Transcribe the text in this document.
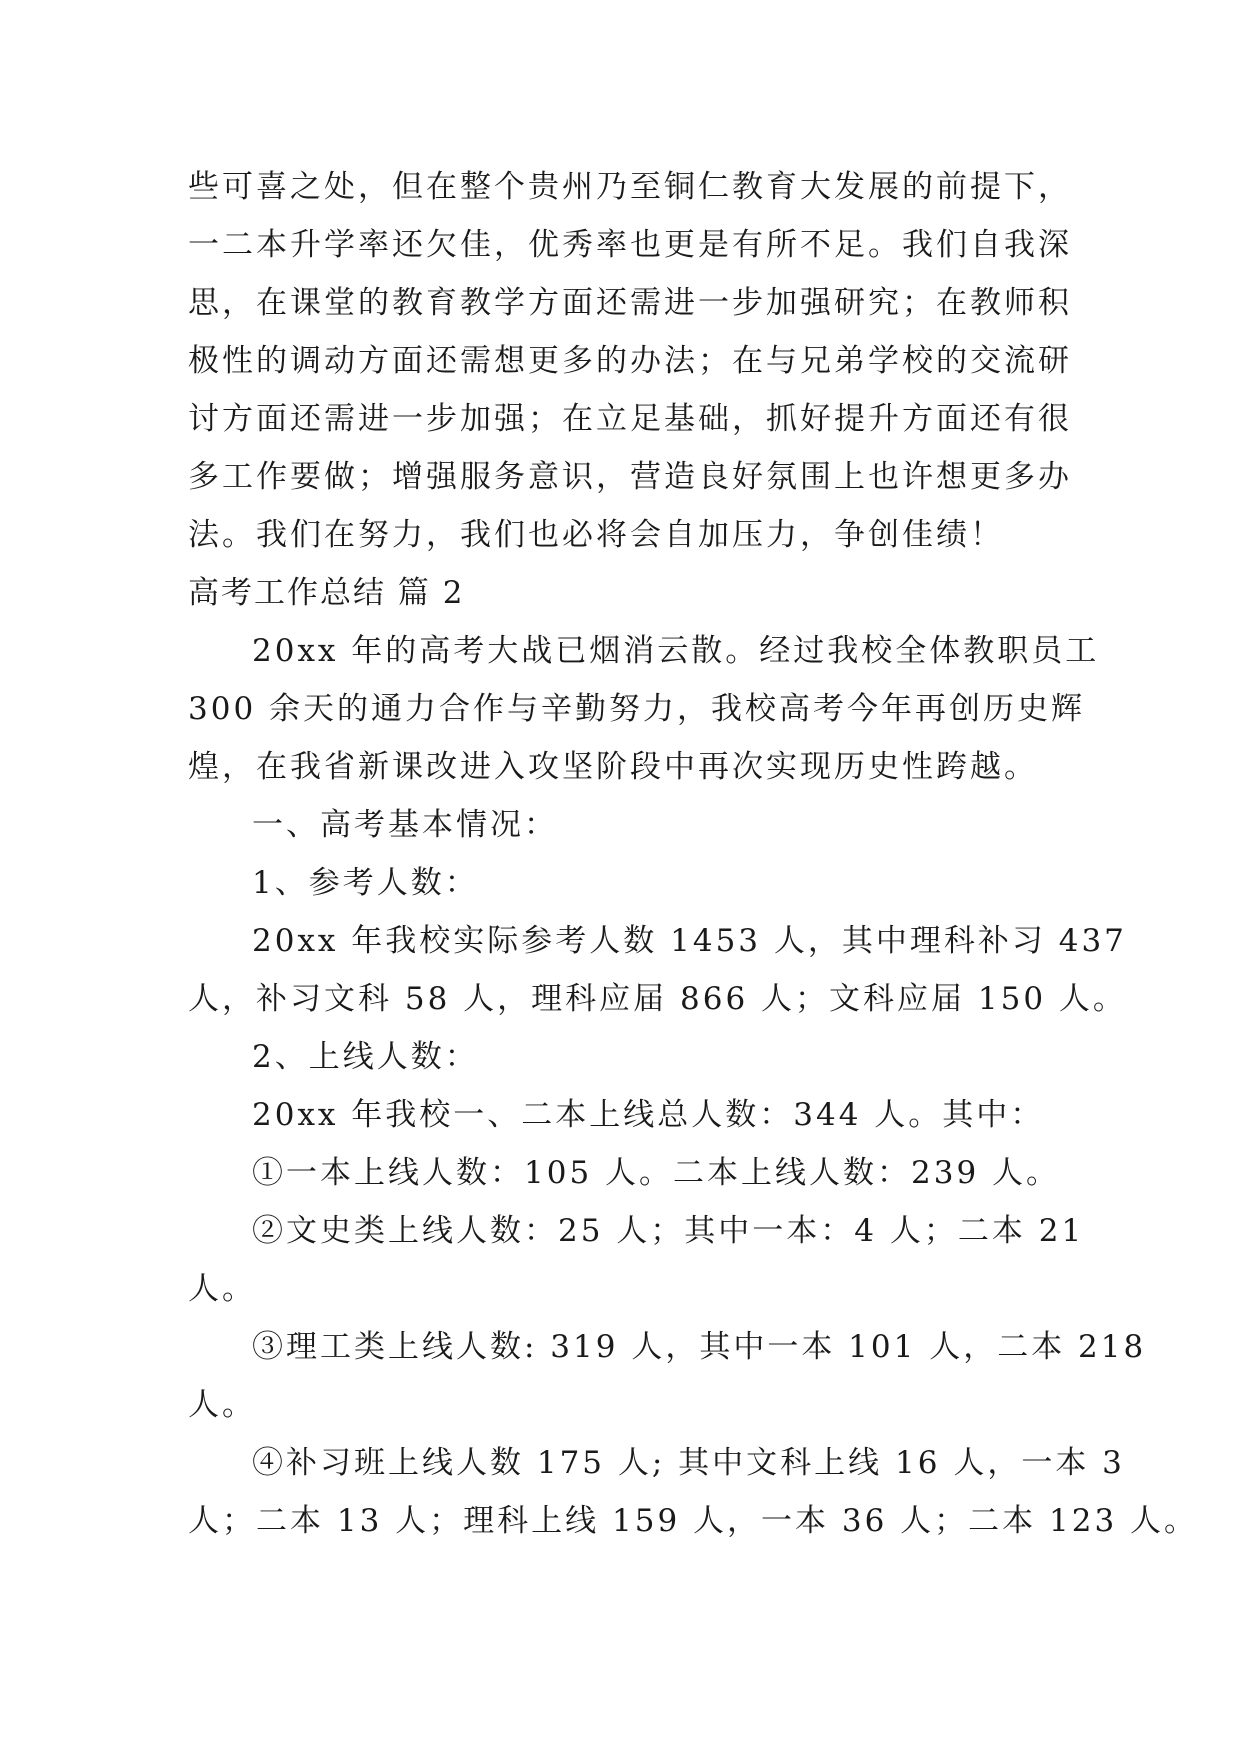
些可喜之处，但在整个贵州乃至铜仁教育大发展的前提下，
一二本升学率还欠佳，优秀率也更是有所不足。我们自我深
思，在课堂的教育教学方面还需进一步加强研究；在教师积
极性的调动方面还需想更多的办法；在与兄弟学校的交流研
讨方面还需进一步加强；在立足基础，抓好提升方面还有很
多工作要做；增强服务意识，营造良好氛围上也许想更多办
法。我们在努力，我们也必将会自加压力，争创佳绩！
高考工作总结 篇 2
20xx 年的高考大战已烟消云散。经过我校全体教职员工
300 余天的通力合作与辛勤努力，我校高考今年再创历史辉
煌，在我省新课改进入攻坚阶段中再次实现历史性跨越。
一、高考基本情况：
1、参考人数：
20xx 年我校实际参考人数 1453 人，其中理科补习 437
人，补习文科 58 人，理科应届 866 人；文科应届 150 人。
2、上线人数：
20xx 年我校一、二本上线总人数：344 人。其中：
①一本上线人数：105 人。二本上线人数：239 人。
②文史类上线人数：25 人；其中一本：4 人；二本 21
人。
③理工类上线人数: 319 人，其中一本 101 人，二本 218
人。
④补习班上线人数 175 人; 其中文科上线 16 人，一本 3
人；二本 13 人；理科上线 159 人，一本 36 人；二本 123 人。
